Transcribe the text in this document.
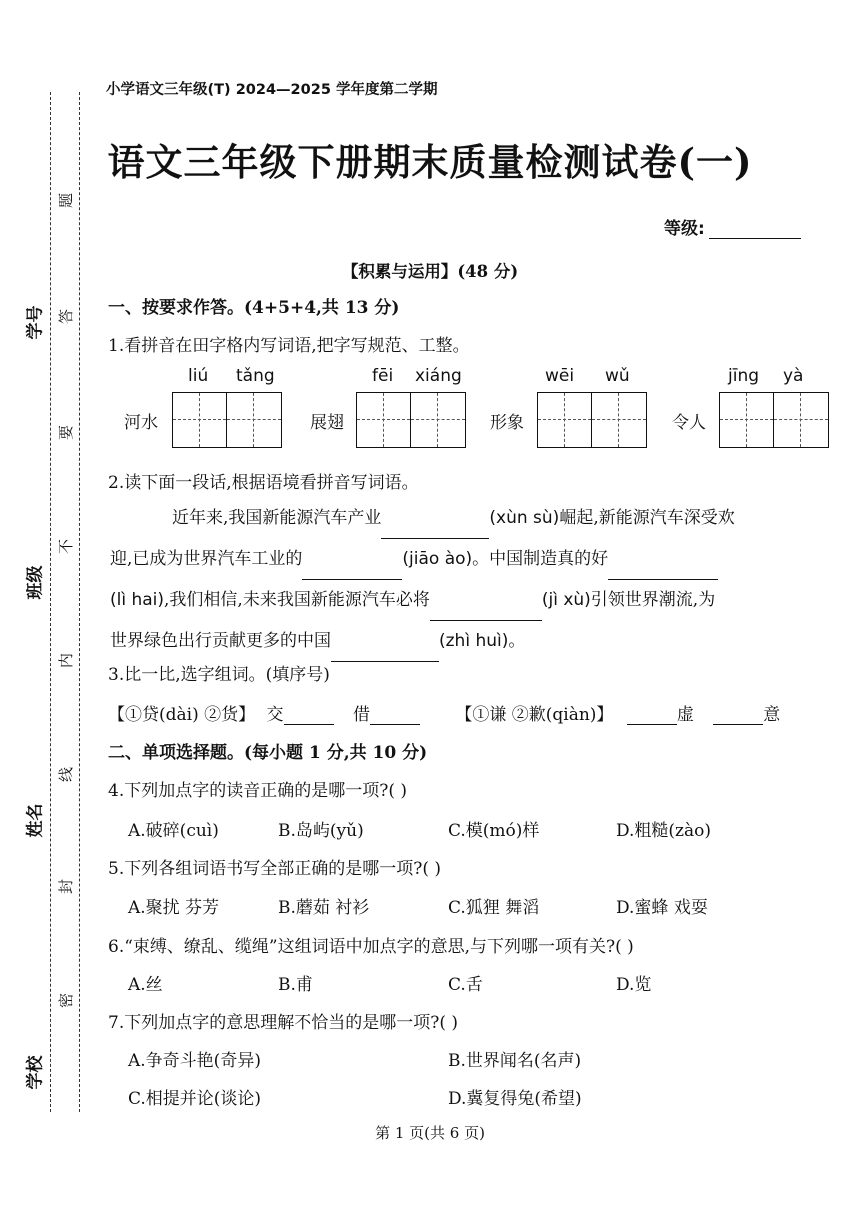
学号
班级
姓名
学校
题
答
要
不
内
线
封
密
小学语文三年级(T) 2024—2025 学年度第二学期
语文三年级下册期末质量检测试卷(一)
等级:
【积累与运用】(48 分)
一、按要求作答。(4+5+4,共 13 分)
1.看拼音在田字格内写词语,把字写规范、工整。
liú tǎng
河水
fēi xiáng
展翅
wēi wǔ
形象
jīng yà
令人
2.读下面一段话,根据语境看拼音写词语。
近年来,我国新能源汽车产业	(xùn sù)崛起,新能源汽车深受欢
迎,已成为世界汽车工业的	(jiāo ào)。中国制造真的好
(lì hai),我们相信,未来我国新能源汽车必将	(jì xù)引领世界潮流,为
世界绿色出行贡献更多的中国	(zhì huì)。
3.比一比,选字组词。(填序号)
【①贷(dài) ②货】 交	借	【①谦 ②歉(qiàn)】	虚	意
二、单项选择题。(每小题 1 分,共 10 分)
4.下列加点字的读音正确的是哪一项?( )
A.破碎(cuì)	B.岛屿(yǔ)	C.模(mó)样	D.粗糙(zào)
5.下列各组词语书写全部正确的是哪一项?( )
A.聚扰 芬芳	B.蘑茹 衬衫	C.狐狸 舞滔	D.蜜蜂 戏耍
6.“束缚、缭乱、缆绳”这组词语中加点字的意思,与下列哪一项有关?( )
A.丝	B.甫	C.舌	D.览
7.下列加点字的意思理解不恰当的是哪一项?( )
A.争奇斗艳(奇异)	B.世界闻名(名声)
C.相提并论(谈论)	D.冀复得兔(希望)
第 1 页(共 6 页)
